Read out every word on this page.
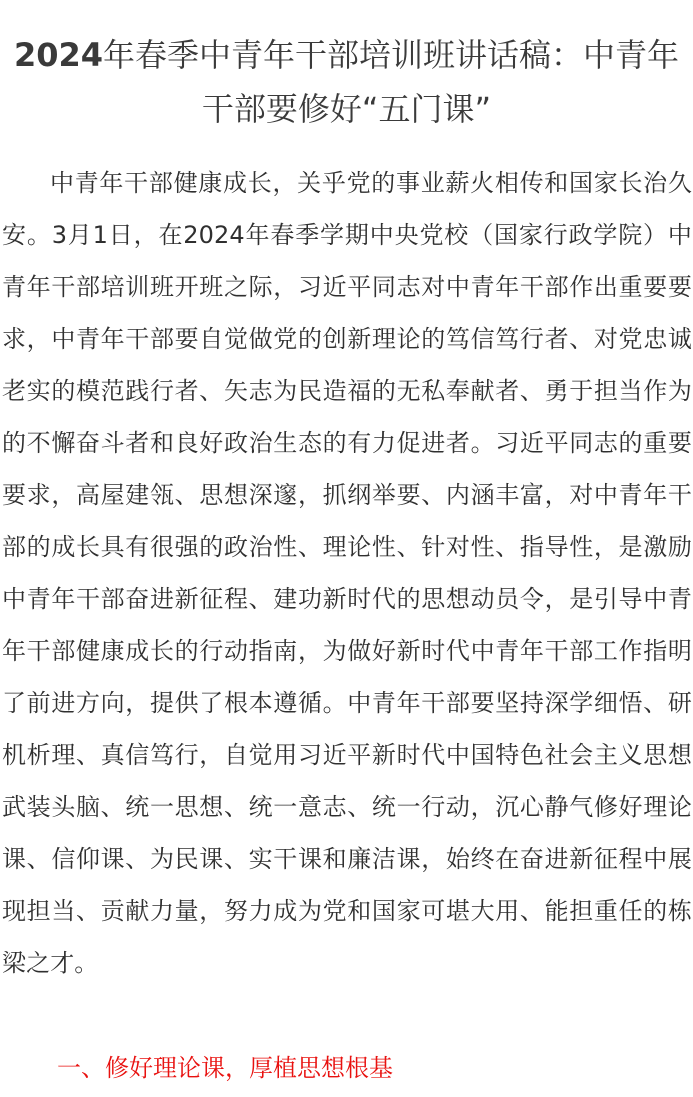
2024年春季中青年干部培训班讲话稿：中青年干部要修好“五门课”

中青年干部健康成长，关乎党的事业薪火相传和国家长治久安。3月1日，在2024年春季学期中央党校（国家行政学院）中青年干部培训班开班之际，习近平同志对中青年干部作出重要要求，中青年干部要自觉做党的创新理论的笃信笃行者、对党忠诚老实的模范践行者、矢志为民造福的无私奉献者、勇于担当作为的不懈奋斗者和良好政治生态的有力促进者。习近平同志的重要要求，高屋建瓴、思想深邃，抓纲举要、内涵丰富，对中青年干部的成长具有很强的政治性、理论性、针对性、指导性，是激励中青年干部奋进新征程、建功新时代的思想动员令，是引导中青年干部健康成长的行动指南，为做好新时代中青年干部工作指明了前进方向，提供了根本遵循。中青年干部要坚持深学细悟、研机析理、真信笃行，自觉用习近平新时代中国特色社会主义思想武装头脑、统一思想、统一意志、统一行动，沉心静气修好理论课、信仰课、为民课、实干课和廉洁课，始终在奋进新征程中展现担当、贡献力量，努力成为党和国家可堪大用、能担重任的栋梁之才。

一、修好理论课，厚植思想根基
